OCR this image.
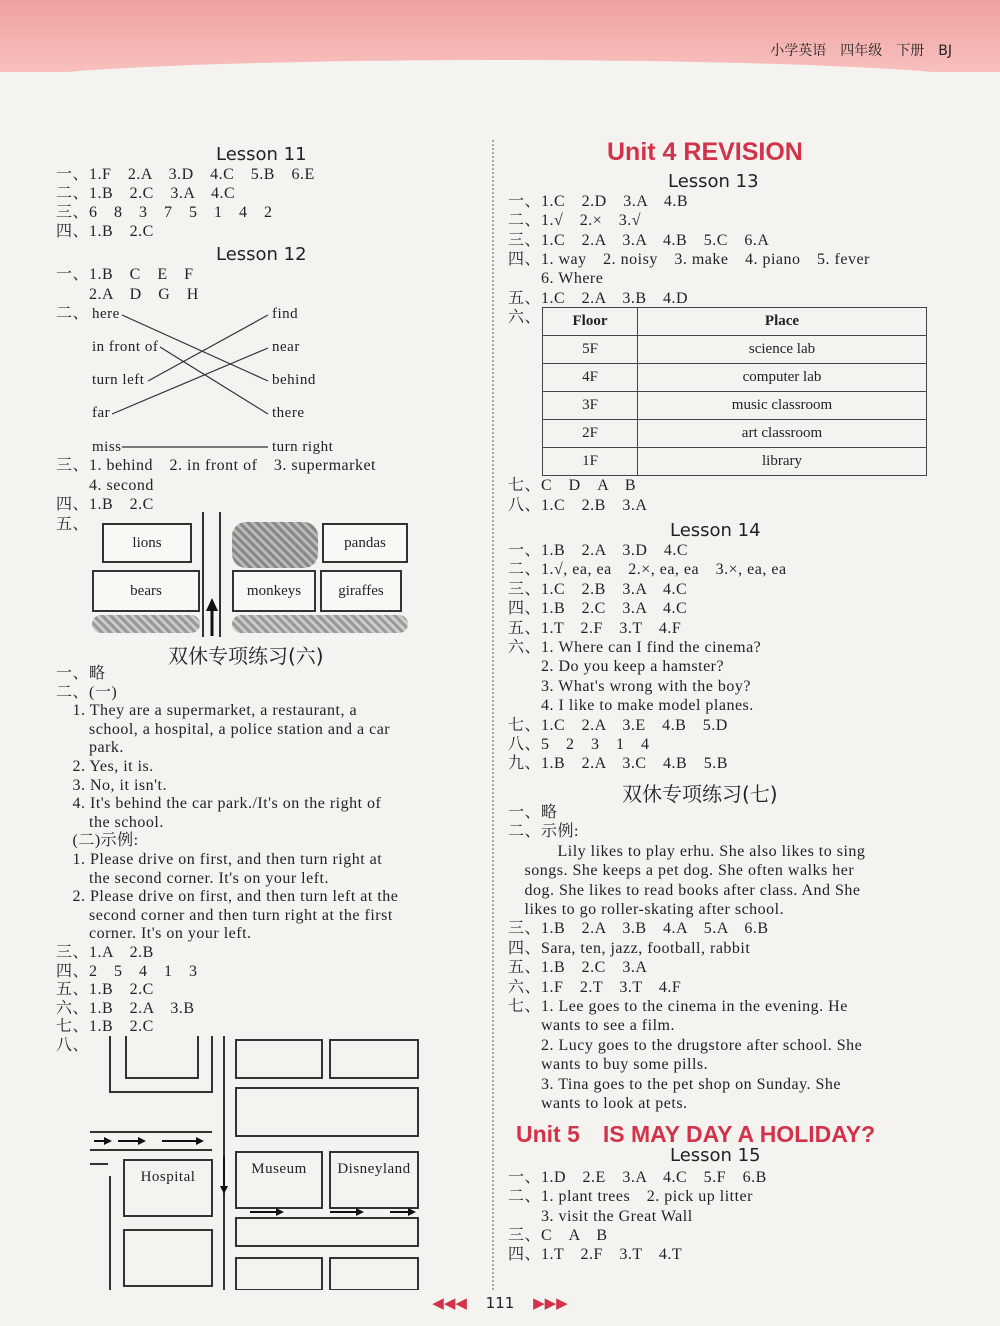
小学英语 四年级 下册 BJ
Lesson 11
一、1.F　2.A　3.D　4.C　5.B　6.E
二、1.B　2.C　3.A　4.C
三、6　8　3　7　5　1　4　2
四、1.B　2.C
Lesson 12
一、1.B　C　E　F
　　2.A　D　G　H
二、 here
in front of
turn left
far
miss
find
near
behind
there
turn right
三、1. behind　2. in front of　3. supermarket
　　4. second
四、1.B　2.C
五、
lions	pandas
bears	monkeys	giraffes
双休专项练习(六)
一、略
二、(一)
　1. They are a supermarket, a restaurant, a
　　school, a hospital, a police station and a car
　　park.
　2. Yes, it is.
　3. No, it isn't.
　4. It's behind the car park./It's on the right of
　　the school.
　(二)示例:
　1. Please drive on first, and then turn right at
　　the second corner. It's on your left.
　2. Please drive on first, and then turn left at the
　　second corner and then turn right at the first
　　corner. It's on your left.
三、1.A　2.B
四、2　5　4　1　3
五、1.B　2.C
六、1.B　2.A　3.B
七、1.B　2.C
八、
Hospital	Museum	Disneyland
Unit 4 REVISION
Lesson 13
一、1.C　2.D　3.A　4.B
二、1.√　2.×　3.√
三、1.C　2.A　3.A　4.B　5.C　6.A
四、1. way　2. noisy　3. make　4. piano　5. fever
　　6. Where
五、1.C　2.A　3.B　4.D
六、 Floor	Place
5F	science lab
4F	computer lab
3F	music classroom
2F	art classroom
1F	library
七、C　D　A　B
八、1.C　2.B　3.A
Lesson 14
一、1.B　2.A　3.D　4.C
二、1.√, ea, ea　2.×, ea, ea　3.×, ea, ea
三、1.C　2.B　3.A　4.C
四、1.B　2.C　3.A　4.C
五、1.T　2.F　3.T　4.F
六、1. Where can I find the cinema?
　　2. Do you keep a hamster?
　　3. What's wrong with the boy?
　　4. I like to make model planes.
七、1.C　2.A　3.E　4.B　5.D
八、5　2　3　1　4
九、1.B　2.A　3.C　4.B　5.B
双休专项练习(七)
一、略
二、示例:
　　　Lily likes to play erhu. She also likes to sing
　songs. She keeps a pet dog. She often walks her
　dog. She likes to read books after class. And She
　likes to go roller-skating after school.
三、1.B　2.A　3.B　4.A　5.A　6.B
四、Sara, ten, jazz, football, rabbit
五、1.B　2.C　3.A
六、1.F　2.T　3.T　4.F
七、1. Lee goes to the cinema in the evening. He
　　wants to see a film.
　　2. Lucy goes to the drugstore after school. She
　　wants to buy some pills.
　　3. Tina goes to the pet shop on Sunday. She
　　wants to look at pets.
Unit 5　IS MAY DAY A HOLIDAY?
Lesson 15
一、1.D　2.E　3.A　4.C　5.F　6.B
二、1. plant trees　2. pick up litter
　　3. visit the Great Wall
三、C　A　B
四、1.T　2.F　3.T　4.T
◀◀◀ 111 ▶▶▶
